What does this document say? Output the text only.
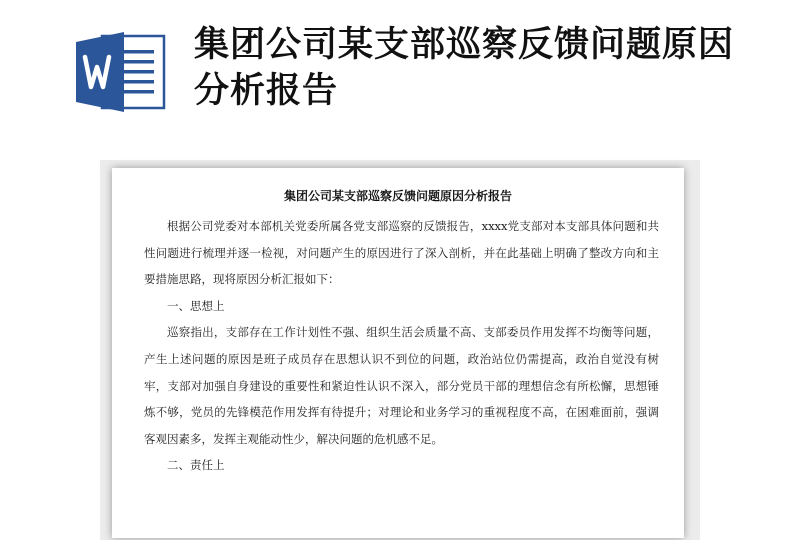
集团公司某支部巡察反馈问题原因分析报告
集团公司某支部巡察反馈问题原因分析报告

根据公司党委对本部机关党委所属各党支部巡察的反馈报告，xxxx党支部对本支部具体问题和共性问题进行梳理并逐一检视，对问题产生的原因进行了深入剖析，并在此基础上明确了整改方向和主要措施思路，现将原因分析汇报如下：

一、思想上

巡察指出，支部存在工作计划性不强、组织生活会质量不高、支部委员作用发挥不均衡等问题，产生上述问题的原因是班子成员存在思想认识不到位的问题，政治站位仍需提高，政治自觉没有树牢，支部对加强自身建设的重要性和紧迫性认识不深入，部分党员干部的理想信念有所松懈，思想锤炼不够，党员的先锋模范作用发挥有待提升；对理论和业务学习的重视程度不高，在困难面前，强调客观因素多，发挥主观能动性少，解决问题的危机感不足。

二、责任上
